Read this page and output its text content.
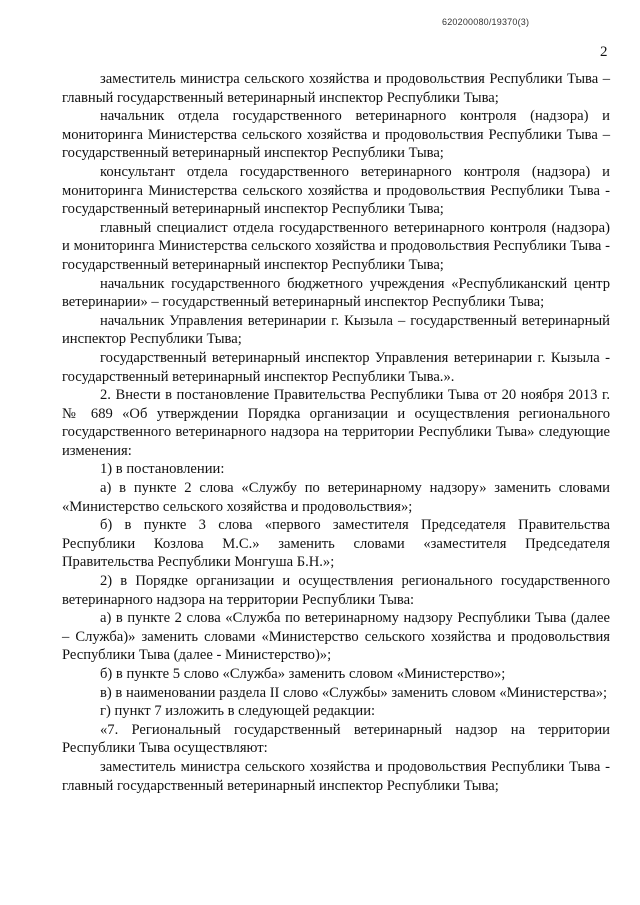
620200080/19370(3)
2

заместитель министра сельского хозяйства и продовольствия Республики Тыва – главный государственный ветеринарный инспектор Республики Тыва;

начальник отдела государственного ветеринарного контроля (надзора) и мониторинга Министерства сельского хозяйства и продовольствия Республики Тыва – государственный ветеринарный инспектор Республики Тыва;

консультант отдела государственного ветеринарного контроля (надзора) и мониторинга Министерства сельского хозяйства и продовольствия Республики Тыва - государственный ветеринарный инспектор Республики Тыва;

главный специалист отдела государственного ветеринарного контроля (надзора) и мониторинга Министерства сельского хозяйства и продовольствия Республики Тыва - государственный ветеринарный инспектор Республики Тыва;

начальник государственного бюджетного учреждения «Республиканский центр ветеринарии» – государственный ветеринарный инспектор Республики Тыва;

начальник Управления ветеринарии г. Кызыла – государственный ветеринарный инспектор Республики Тыва;

государственный ветеринарный инспектор Управления ветеринарии г. Кызыла - государственный ветеринарный инспектор Республики Тыва.».

2. Внести в постановление Правительства Республики Тыва от 20 ноября 2013 г. № 689 «Об утверждении Порядка организации и осуществления регионального государственного ветеринарного надзора на территории Республики Тыва» следующие изменения:

1) в постановлении:

а) в пункте 2 слова «Службу по ветеринарному надзору» заменить словами «Министерство сельского хозяйства и продовольствия»;

б) в пункте 3 слова «первого заместителя Председателя Правительства Республики Козлова М.С.» заменить словами «заместителя Председателя Правительства Республики Монгуша Б.Н.»;

2) в Порядке организации и осуществления регионального государственного ветеринарного надзора на территории Республики Тыва:

а) в пункте 2 слова «Служба по ветеринарному надзору Республики Тыва (далее – Служба)» заменить словами «Министерство сельского хозяйства и продовольствия Республики Тыва (далее - Министерство)»;

б) в пункте 5 слово «Служба» заменить словом «Министерство»;

в) в наименовании раздела II слово «Службы» заменить словом «Министерства»;

г) пункт 7 изложить в следующей редакции:

«7. Региональный государственный ветеринарный надзор на территории Республики Тыва осуществляют:

заместитель министра сельского хозяйства и продовольствия Республики Тыва - главный государственный ветеринарный инспектор Республики Тыва;
